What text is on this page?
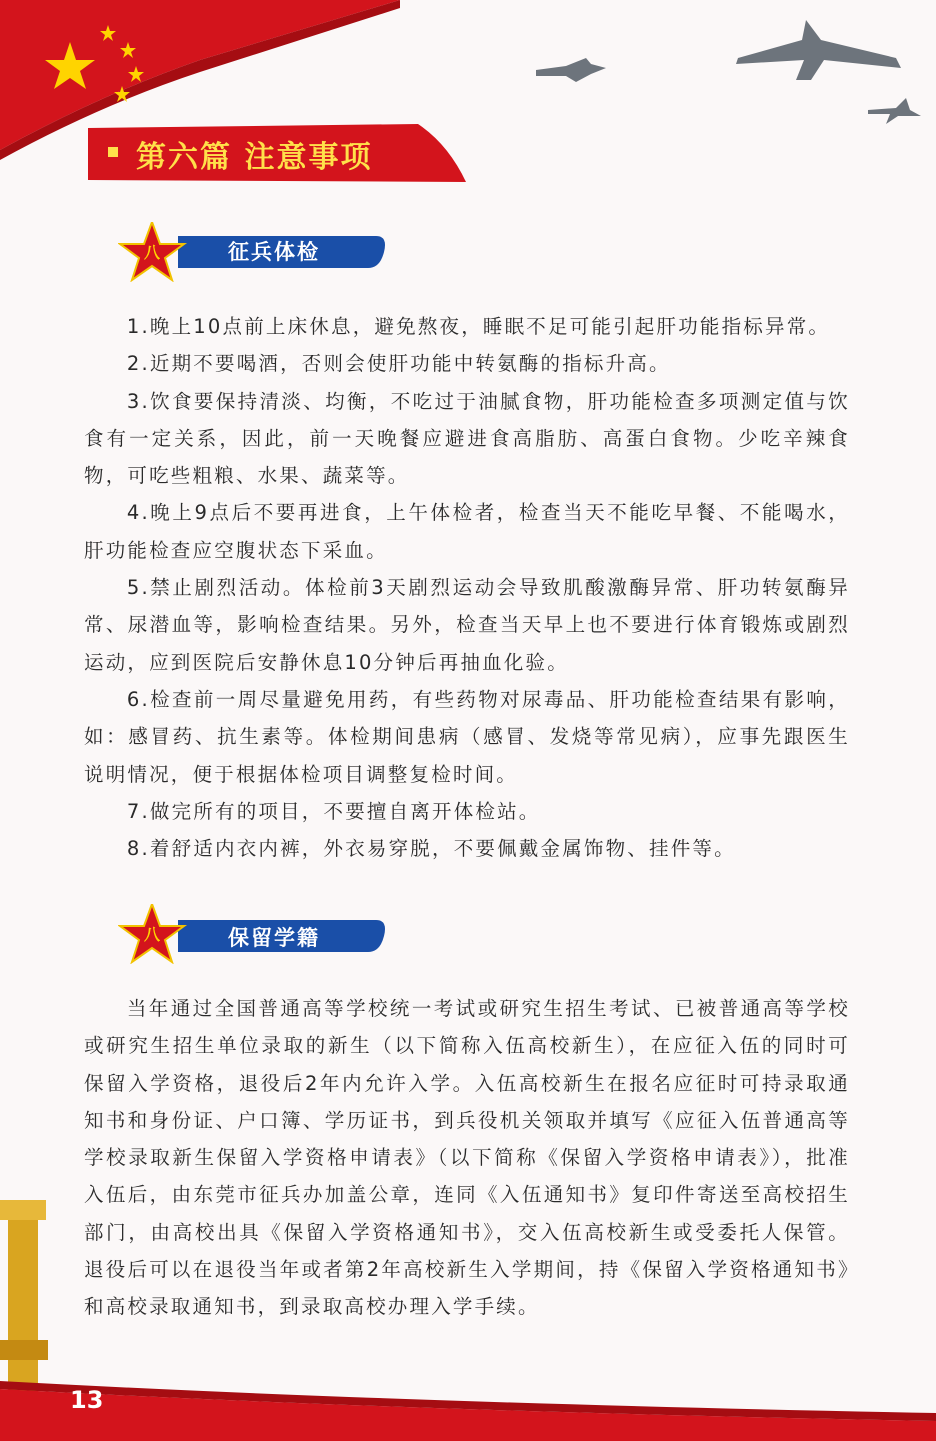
第六篇 注意事项
八	征兵体检

1.晚上10点前上床休息，避免熬夜，睡眠不足可能引起肝功能指标异常。

2.近期不要喝酒，否则会使肝功能中转氨酶的指标升高。

3.饮食要保持清淡、均衡，不吃过于油腻食物，肝功能检查多项测定值与饮食有一定关系，因此，前一天晚餐应避进食高脂肪、高蛋白食物。少吃辛辣食物，可吃些粗粮、水果、蔬菜等。

4.晚上9点后不要再进食，上午体检者，检查当天不能吃早餐、不能喝水，肝功能检查应空腹状态下采血。

5.禁止剧烈活动。体检前3天剧烈运动会导致肌酸激酶异常、肝功转氨酶异常、尿潜血等，影响检查结果。另外，检查当天早上也不要进行体育锻炼或剧烈运动，应到医院后安静休息10分钟后再抽血化验。

6.检查前一周尽量避免用药，有些药物对尿毒品、肝功能检查结果有影响，如：感冒药、抗生素等。体检期间患病（感冒、发烧等常见病），应事先跟医生说明情况，便于根据体检项目调整复检时间。

7.做完所有的项目，不要擅自离开体检站。

8.着舒适内衣内裤，外衣易穿脱，不要佩戴金属饰物、挂件等。

八	保留学籍

当年通过全国普通高等学校统一考试或研究生招生考试、已被普通高等学校或研究生招生单位录取的新生（以下简称入伍高校新生），在应征入伍的同时可保留入学资格，退役后2年内允许入学。入伍高校新生在报名应征时可持录取通知书和身份证、户口簿、学历证书，到兵役机关领取并填写《应征入伍普通高等学校录取新生保留入学资格申请表》（以下简称《保留入学资格申请表》），批准入伍后，由东莞市征兵办加盖公章，连同《入伍通知书》复印件寄送至高校招生部门，由高校出具《保留入学资格通知书》，交入伍高校新生或受委托人保管。退役后可以在退役当年或者第2年高校新生入学期间，持《保留入学资格通知书》和高校录取通知书，到录取高校办理入学手续。

13
